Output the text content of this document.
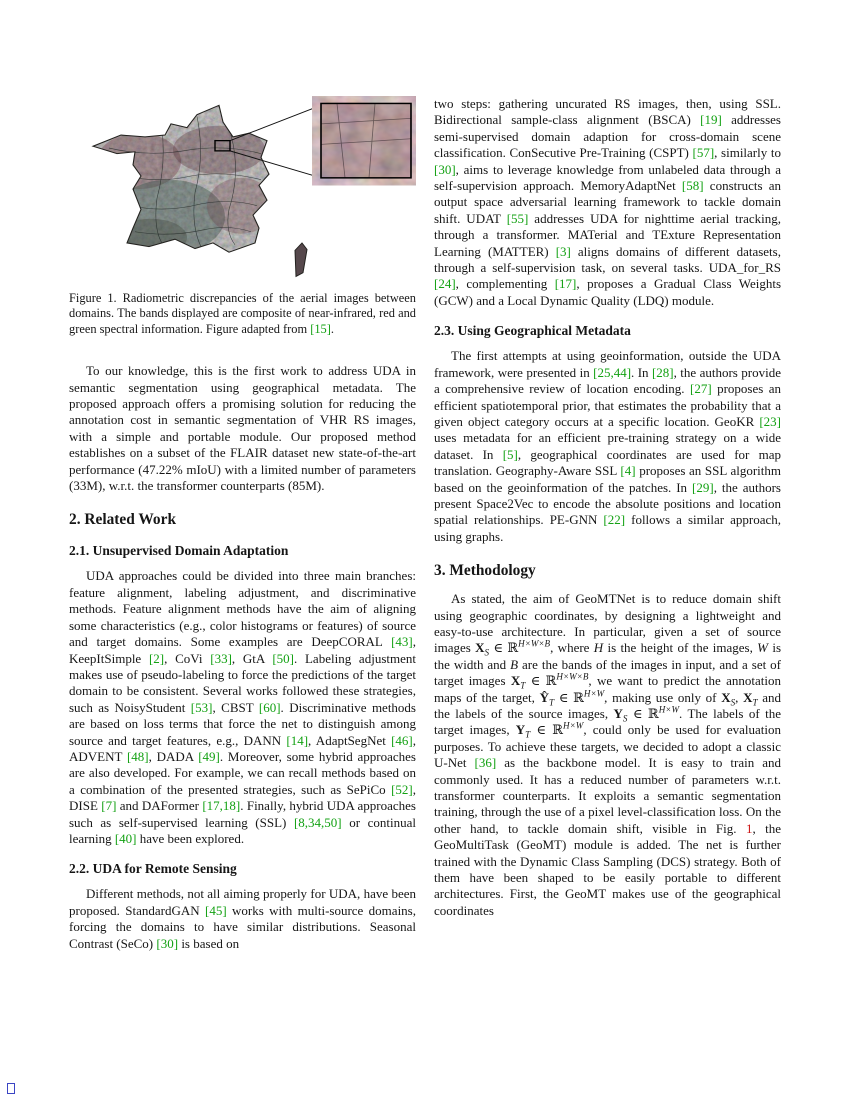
Figure 1. Radiometric discrepancies of the aerial images between domains. The bands displayed are composite of near-infrared, red and green spectral information. Figure adapted from [15].

To our knowledge, this is the first work to address UDA in semantic segmentation using geographical metadata. The proposed approach offers a promising solution for reducing the annotation cost in semantic segmentation of VHR RS images, with a simple and portable module. Our proposed method establishes on a subset of the FLAIR dataset new state-of-the-art performance (47.22% mIoU) with a limited number of parameters (33M), w.r.t. the transformer counterparts (85M).

2. Related Work
2.1. Unsupervised Domain Adaptation

UDA approaches could be divided into three main branches: feature alignment, labeling adjustment, and discriminative methods. Feature alignment methods have the aim of aligning some characteristics (e.g., color histograms or features) of source and target domains. Some examples are DeepCORAL [43], KeepItSimple [2], CoVi [33], GtA [50]. Labeling adjustment makes use of pseudo-labeling to force the predictions of the target domain to be consistent. Several works followed these strategies, such as NoisyStudent [53], CBST [60]. Discriminative methods are based on loss terms that force the net to distinguish among source and target features, e.g., DANN [14], AdaptSegNet [46], ADVENT [48], DADA [49]. Moreover, some hybrid approaches are also developed. For example, we can recall methods based on a combination of the presented strategies, such as SePiCo [52], DISE [7] and DAFormer [17,18]. Finally, hybrid UDA approaches such as self-supervised learning (SSL) [8,34,50] or continual learning [40] have been explored.

2.2. UDA for Remote Sensing

Different methods, not all aiming properly for UDA, have been proposed. StandardGAN [45] works with multi-source domains, forcing the domains to have similar distributions. Seasonal Contrast (SeCo) [30] is based on

two steps: gathering uncurated RS images, then, using SSL. Bidirectional sample-class alignment (BSCA) [19] addresses semi-supervised domain adaption for cross-domain scene classification. ConSecutive Pre-Training (CSPT) [57], similarly to [30], aims to leverage knowledge from unlabeled data through a self-supervision approach. MemoryAdaptNet [58] constructs an output space adversarial learning framework to tackle domain shift. UDAT [55] addresses UDA for nighttime aerial tracking, through a transformer. MATerial and TExture Representation Learning (MATTER) [3] aligns domains of different datasets, through a self-supervision task, on several tasks. UDA_for_RS [24], complementing [17], proposes a Gradual Class Weights (GCW) and a Local Dynamic Quality (LDQ) module.

2.3. Using Geographical Metadata

The first attempts at using geoinformation, outside the UDA framework, were presented in [25,44]. In [28], the authors provide a comprehensive review of location encoding. [27] proposes an efficient spatiotemporal prior, that estimates the probability that a given object category occurs at a specific location. GeoKR [23] uses metadata for an efficient pre-training strategy on a wide dataset. In [5], geographical coordinates are used for map translation. Geography-Aware SSL [4] proposes an SSL algorithm based on the geoinformation of the patches. In [29], the authors present Space2Vec to encode the absolute positions and location spatial relationships. PE-GNN [22] follows a similar approach, using graphs.

3. Methodology

As stated, the aim of GeoMTNet is to reduce domain shift using geographic coordinates, by designing a lightweight and easy-to-use architecture. In particular, given a set of source images $X_S$ ∈ ℝ$^{H\times W\times B}$, where H is the height of the images, W is the width and B are the bands of the images in input, and a set of target images $X_T$ ∈ ℝ$^{H\times W\times B}$, we want to predict the annotation maps of the target, $Ŷ_T$ ∈ ℝ$^{H\times W}$, making use only of $X_S$, $X_T$ and the labels of the source images, $Y_S$ ∈ ℝ$^{H\times W}$. The labels of the target images, $Y_T$ ∈ ℝ$^{H\times W}$, could only be used for evaluation purposes. To achieve these targets, we decided to adopt a classic U-Net [36] as the backbone model. It is easy to train and commonly used. It has a reduced number of parameters w.r.t. transformer counterparts. It exploits a semantic segmentation training, through the use of a pixel level-classification loss. On the other hand, to tackle domain shift, visible in Fig. 1, the GeoMultiTask (GeoMT) module is added. The net is further trained with the Dynamic Class Sampling (DCS) strategy. Both of them have been shaped to be easily portable to different architectures. First, the GeoMT makes use of the geographical coordinates
